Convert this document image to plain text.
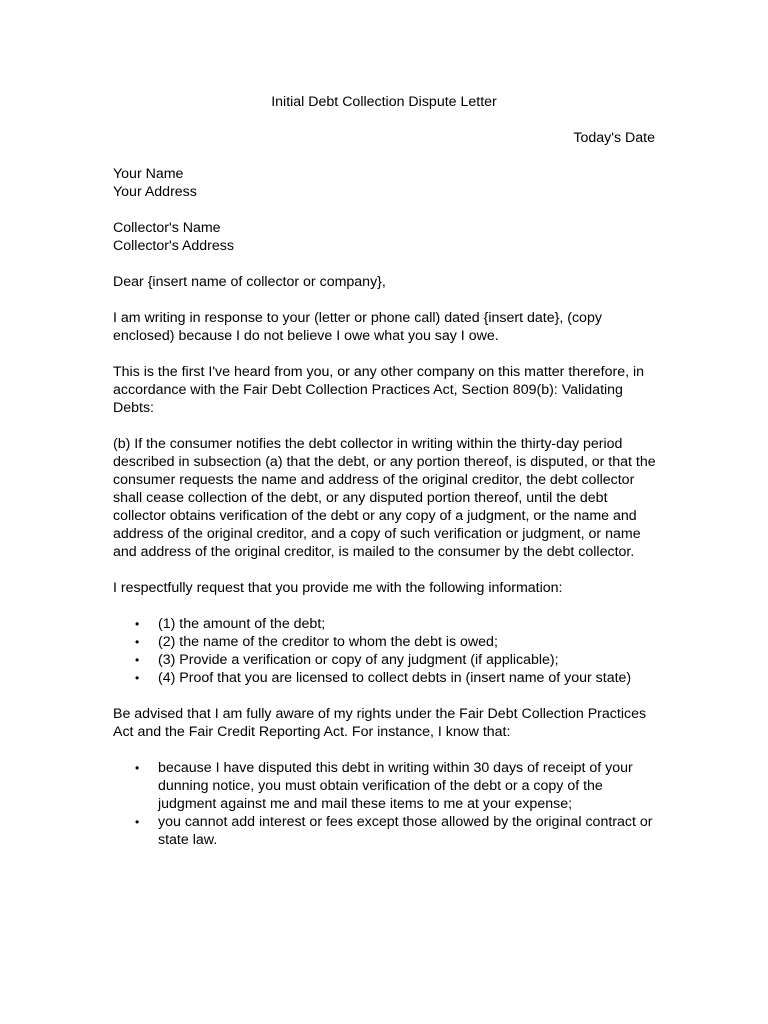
Initial Debt Collection Dispute Letter

Today's Date

Your Name

Your Address

Collector's Name

Collector's Address

Dear {insert name of collector or company},

I am writing in response to your (letter or phone call) dated {insert date}, (copy enclosed) because I do not believe I owe what you say I owe.

This is the first I've heard from you, or any other company on this matter therefore, in accordance with the Fair Debt Collection Practices Act, Section 809(b): Validating Debts:

(b) If the consumer notifies the debt collector in writing within the thirty-day period described in subsection (a) that the debt, or any portion thereof, is disputed, or that the consumer requests the name and address of the original creditor, the debt collector shall cease collection of the debt, or any disputed portion thereof, until the debt collector obtains verification of the debt or any copy of a judgment, or the name and address of the original creditor, and a copy of such verification or judgment, or name and address of the original creditor, is mailed to the consumer by the debt collector.

I respectfully request that you provide me with the following information:

• (1) the amount of the debt;
• (2) the name of the creditor to whom the debt is owed;
• (3) Provide a verification or copy of any judgment (if applicable);
• (4) Proof that you are licensed to collect debts in (insert name of your state)

Be advised that I am fully aware of my rights under the Fair Debt Collection Practices Act and the Fair Credit Reporting Act. For instance, I know that:

• because I have disputed this debt in writing within 30 days of receipt of your dunning notice, you must obtain verification of the debt or a copy of the judgment against me and mail these items to me at your expense;
• you cannot add interest or fees except those allowed by the original contract or state law.
